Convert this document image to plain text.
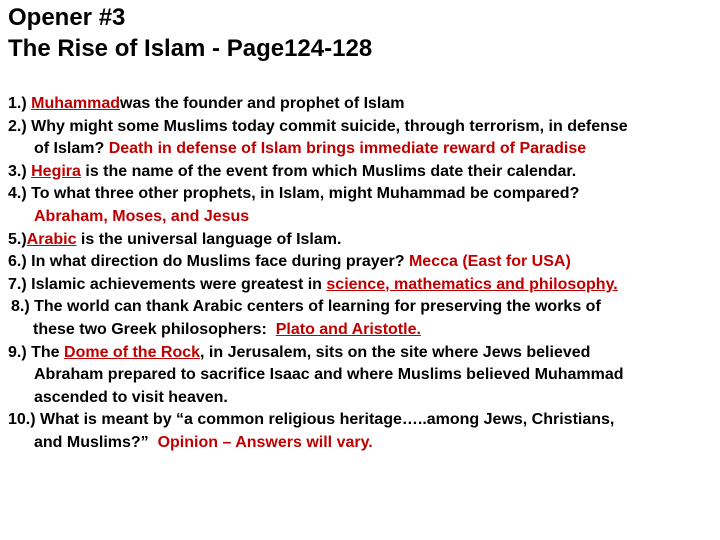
Opener #3
The Rise of Islam - Page124-128
1.) Muhammadwas the founder and prophet of Islam
2.) Why might some Muslims today commit suicide, through terrorism, in defense
of Islam? Death in defense of Islam brings immediate reward of Paradise
3.) Hegira is the name of the event from which Muslims date their calendar.
4.) To what three other prophets, in Islam, might Muhammad be compared?
Abraham, Moses, and Jesus
5.)Arabic is the universal language of Islam.
6.) In what direction do Muslims face during prayer? Mecca (East for USA)
7.) Islamic achievements were greatest in science, mathematics and philosophy.
8.) The world can thank Arabic centers of learning for preserving the works of
these two Greek philosophers: Plato and Aristotle.
9.) The Dome of the Rock, in Jerusalem, sits on the site where Jews believed
Abraham prepared to sacrifice Isaac and where Muslims believed Muhammad
ascended to visit heaven.
10.) What is meant by “a common religious heritage…..among Jews, Christians,
and Muslims?” Opinion – Answers will vary.
